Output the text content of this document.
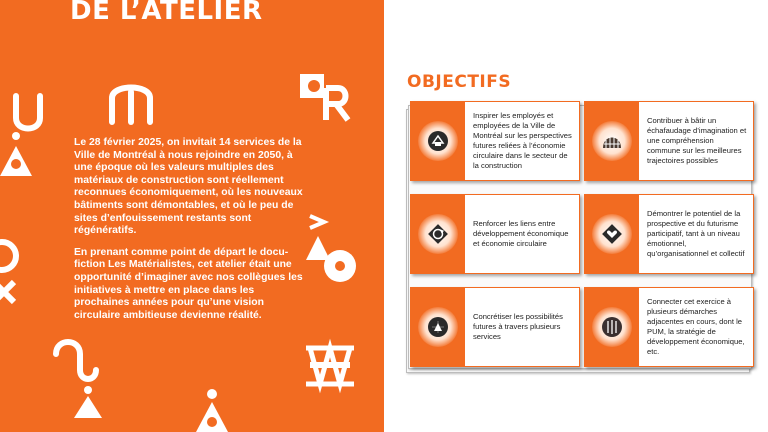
DE L’ATELIER

Le 28 février 2025, on invitait 14 services de la Ville de Montréal à nous rejoindre en 2050, à une époque où les valeurs multiples des matériaux de construction sont réellement reconnues économiquement, où les nouveaux bâtiments sont démontables, et où le peu de sites d’enfouissement restants sont régénératifs.

En prenant comme point de départ le docu-fiction Les Matérialistes, cet atelier était une opportunité d’imaginer avec nos collègues les initiatives à mettre en place dans les prochaines années pour qu’une vision circulaire ambitieuse devienne réalité.

OBJECTIFS
Inspirer les employés et employées de la Ville de Montréal sur les perspectives futures reliées à l’économie circulaire dans le secteur de la construction
Contribuer à bâtir un échafaudage d’imagination et une compréhension commune sur les meilleures trajectoires possibles
Renforcer les liens entre développement économique et économie circulaire
Démontrer le potentiel de la prospective et du futurisme participatif, tant à un niveau émotionnel, qu’organisationnel et collectif
Concrétiser les possibilités futures à travers plusieurs services
Connecter cet exercice à plusieurs démarches adjacentes en cours, dont le PUM, la stratégie de développement économique, etc.
